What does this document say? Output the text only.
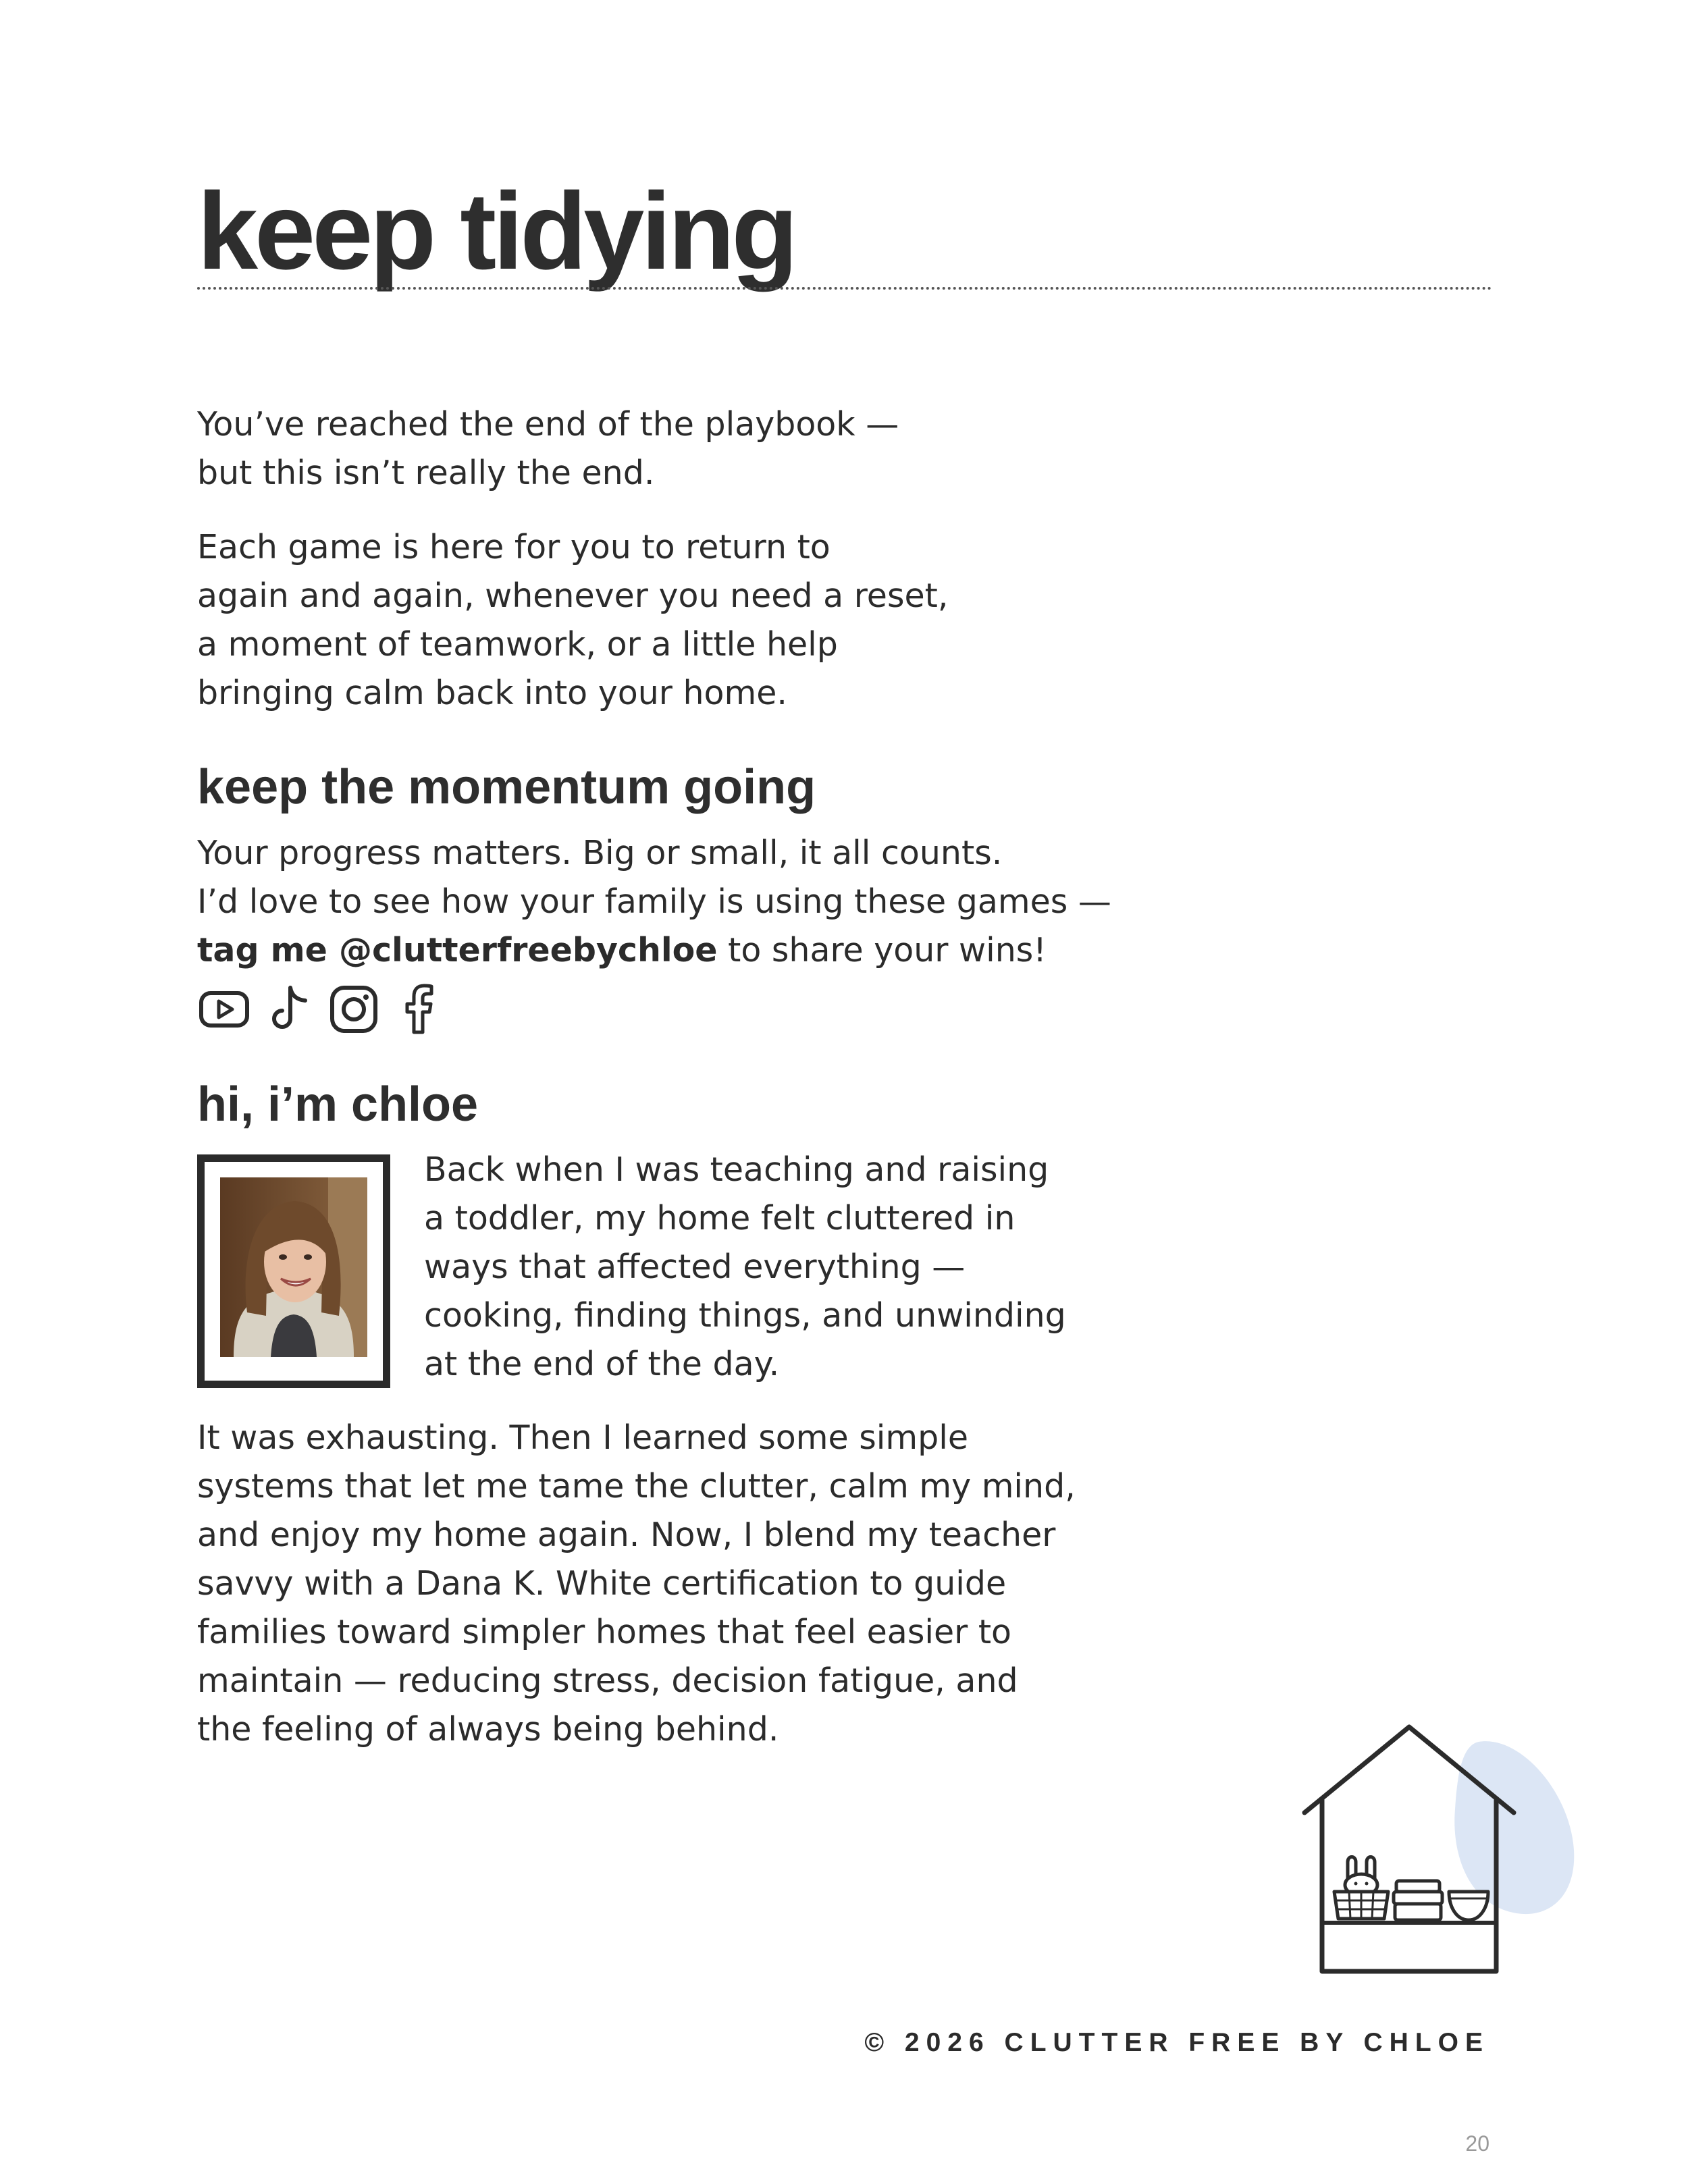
keep tidying

You’ve reached the end of the playbook —
but this isn’t really the end.

Each game is here for you to return to
again and again, whenever you need a reset,
a moment of teamwork, or a little help
bringing calm back into your home.

keep the momentum going

Your progress matters. Big or small, it all counts.
I’d love to see how your family is using these games —

tag me @clutterfreebychloe to share your wins!
hi, i’m chloe

Back when I was teaching and raising
a toddler, my home felt cluttered in
ways that affected everything —
cooking, finding things, and unwinding
at the end of the day.

It was exhausting. Then I learned some simple
systems that let me tame the clutter, calm my mind,
and enjoy my home again. Now, I blend my teacher
savvy with a Dana K. White certification to guide
families toward simpler homes that feel easier to
maintain — reducing stress, decision fatigue, and
the feeling of always being behind.

© 2026 CLUTTER FREE BY CHLOE
20
